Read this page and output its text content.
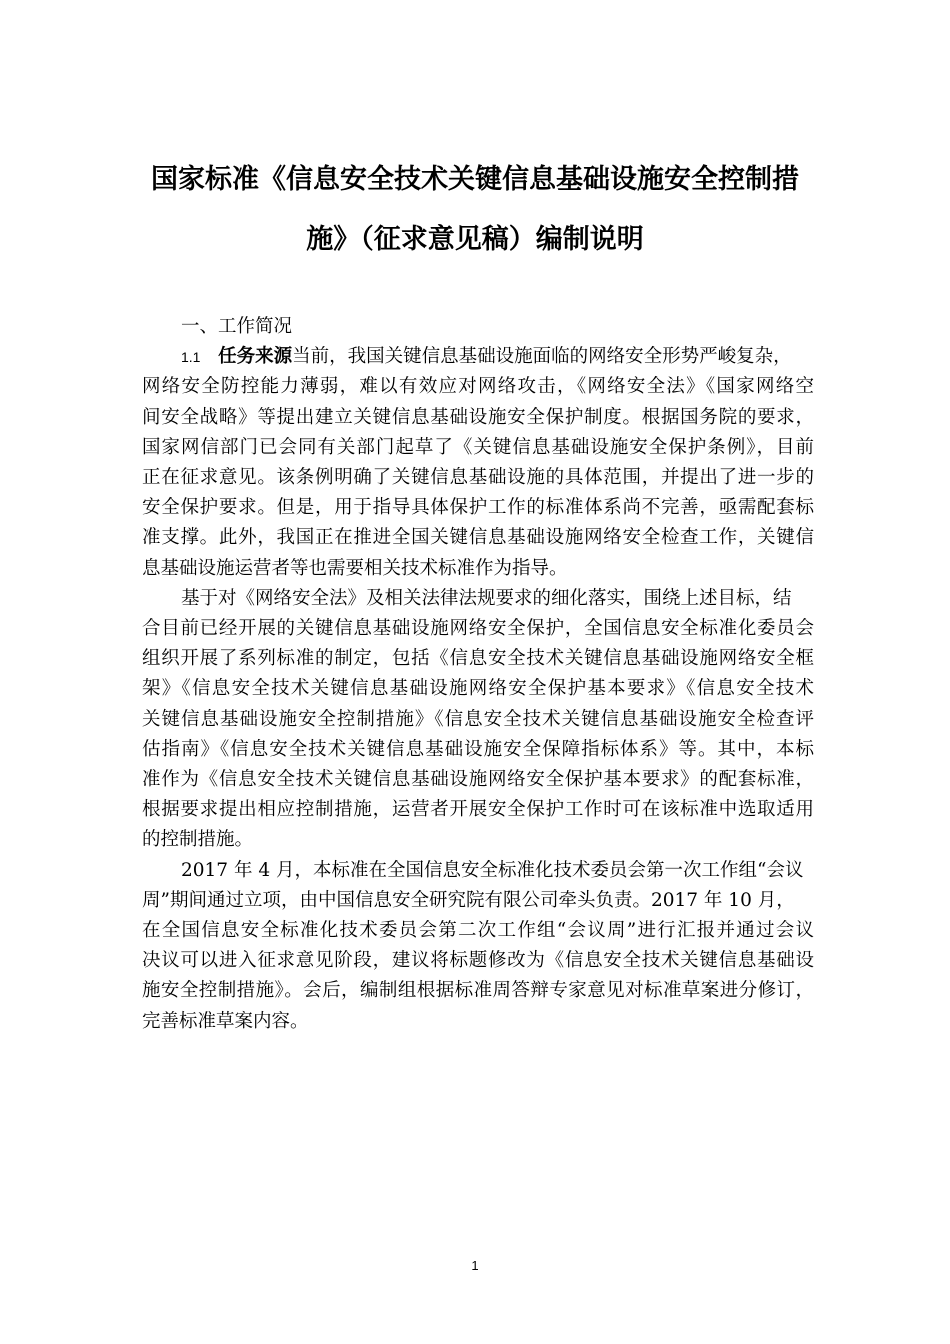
国家标准《信息安全技术关键信息基础设施安全控制措
施》（征求意见稿）编制说明
一、工作简况
1.1 任务来源当前，我国关键信息基础设施面临的网络安全形势严峻复杂，
网络安全防控能力薄弱，难以有效应对网络攻击，《网络安全法》《国家网络空
间安全战略》等提出建立关键信息基础设施安全保护制度。根据国务院的要求，
国家网信部门已会同有关部门起草了《关键信息基础设施安全保护条例》，目前
正在征求意见。该条例明确了关键信息基础设施的具体范围，并提出了进一步的
安全保护要求。但是，用于指导具体保护工作的标准体系尚不完善，亟需配套标
准支撑。此外，我国正在推进全国关键信息基础设施网络安全检查工作，关键信
息基础设施运营者等也需要相关技术标准作为指导。
基于对《网络安全法》及相关法律法规要求的细化落实，围绕上述目标，结
合目前已经开展的关键信息基础设施网络安全保护，全国信息安全标准化委员会
组织开展了系列标准的制定，包括《信息安全技术关键信息基础设施网络安全框
架》《信息安全技术关键信息基础设施网络安全保护基本要求》《信息安全技术
关键信息基础设施安全控制措施》《信息安全技术关键信息基础设施安全检查评
估指南》《信息安全技术关键信息基础设施安全保障指标体系》等。其中，本标
准作为《信息安全技术关键信息基础设施网络安全保护基本要求》的配套标准，
根据要求提出相应控制措施，运营者开展安全保护工作时可在该标准中选取适用
的控制措施。
2017 年 4 月，本标准在全国信息安全标准化技术委员会第一次工作组“会议
周”期间通过立项，由中国信息安全研究院有限公司牵头负责。2017 年 10 月，
在全国信息安全标准化技术委员会第二次工作组“会议周”进行汇报并通过会议
决议可以进入征求意见阶段，建议将标题修改为《信息安全技术关键信息基础设
施安全控制措施》。会后，编制组根据标准周答辩专家意见对标准草案进分修订，
完善标准草案内容。
1
